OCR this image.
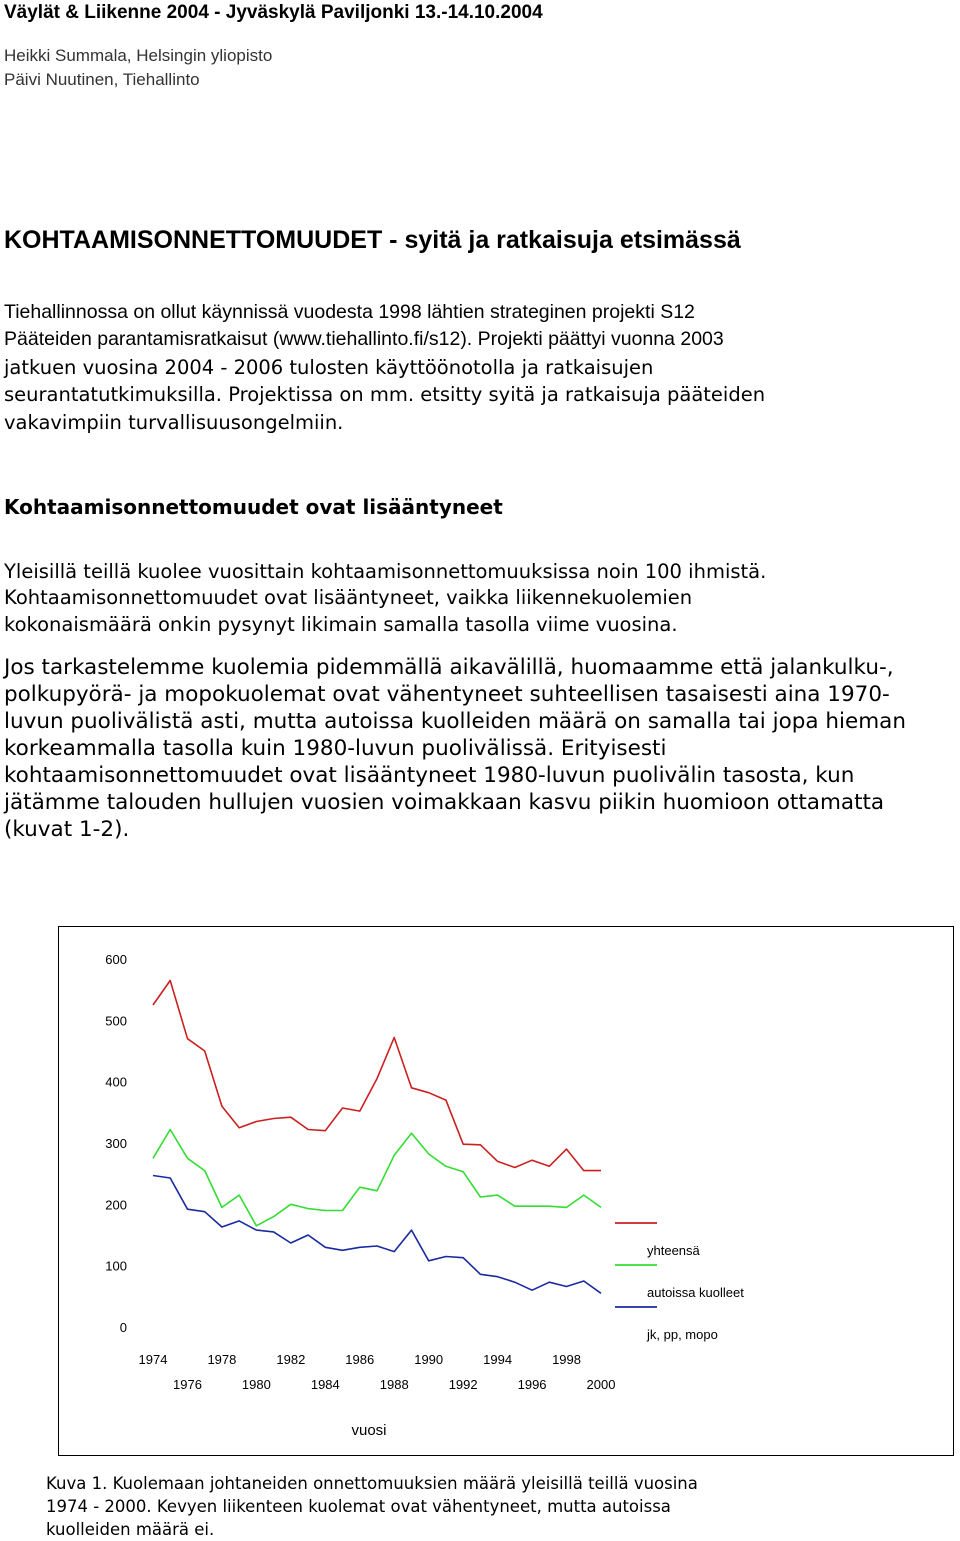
Väylät & Liikenne 2004 - Jyväskylä Paviljonki 13.-14.10.2004
Heikki Summala, Helsingin yliopisto
Päivi Nuutinen, Tiehallinto
KOHTAAMISONNETTOMUUDET - syitä ja ratkaisuja etsimässä
Tiehallinnossa on ollut käynnissä vuodesta 1998 lähtien strateginen projekti S12
Pääteiden parantamisratkaisut (www.tiehallinto.fi/s12). Projekti päättyi vuonna 2003
jatkuen vuosina 2004 - 2006 tulosten käyttöönotolla ja ratkaisujen
seurantatutkimuksilla. Projektissa on mm. etsitty syitä ja ratkaisuja pääteiden
vakavimpiin turvallisuusongelmiin.
Kohtaamisonnettomuudet ovat lisääntyneet
Yleisillä teillä kuolee vuosittain kohtaamisonnettomuuksissa noin 100 ihmistä.
Kohtaamisonnettomuudet ovat lisääntyneet, vaikka liikennekuolemien
kokonaismäärä onkin pysynyt likimain samalla tasolla viime vuosina.
Jos tarkastelemme kuolemia pidemmällä aikavälillä, huomaamme että jalankulku-,
polkupyörä- ja mopokuolemat ovat vähentyneet suhteellisen tasaisesti aina 1970-
luvun puolivälistä asti, mutta autoissa kuolleiden määrä on samalla tai jopa hieman
korkeammalla tasolla kuin 1980-luvun puolivälissä. Erityisesti
kohtaamisonnettomuudet ovat lisääntyneet 1980-luvun puolivälin tasosta, kun
jätämme talouden hullujen vuosien voimakkaan kasvu piikin huomioon ottamatta
(kuvat 1-2).
0
100
200
300
400
500
600
1974	1978	1982	1986	1990	1994	1998
1976	1980	1984	1988	1992	1996	2000
yhteensä
autoissa kuolleet
jk, pp, mopo
vuosi
Kuva 1. Kuolemaan johtaneiden onnettomuuksien määrä yleisillä teillä vuosina
1974 - 2000. Kevyen liikenteen kuolemat ovat vähentyneet, mutta autoissa
kuolleiden määrä ei.
